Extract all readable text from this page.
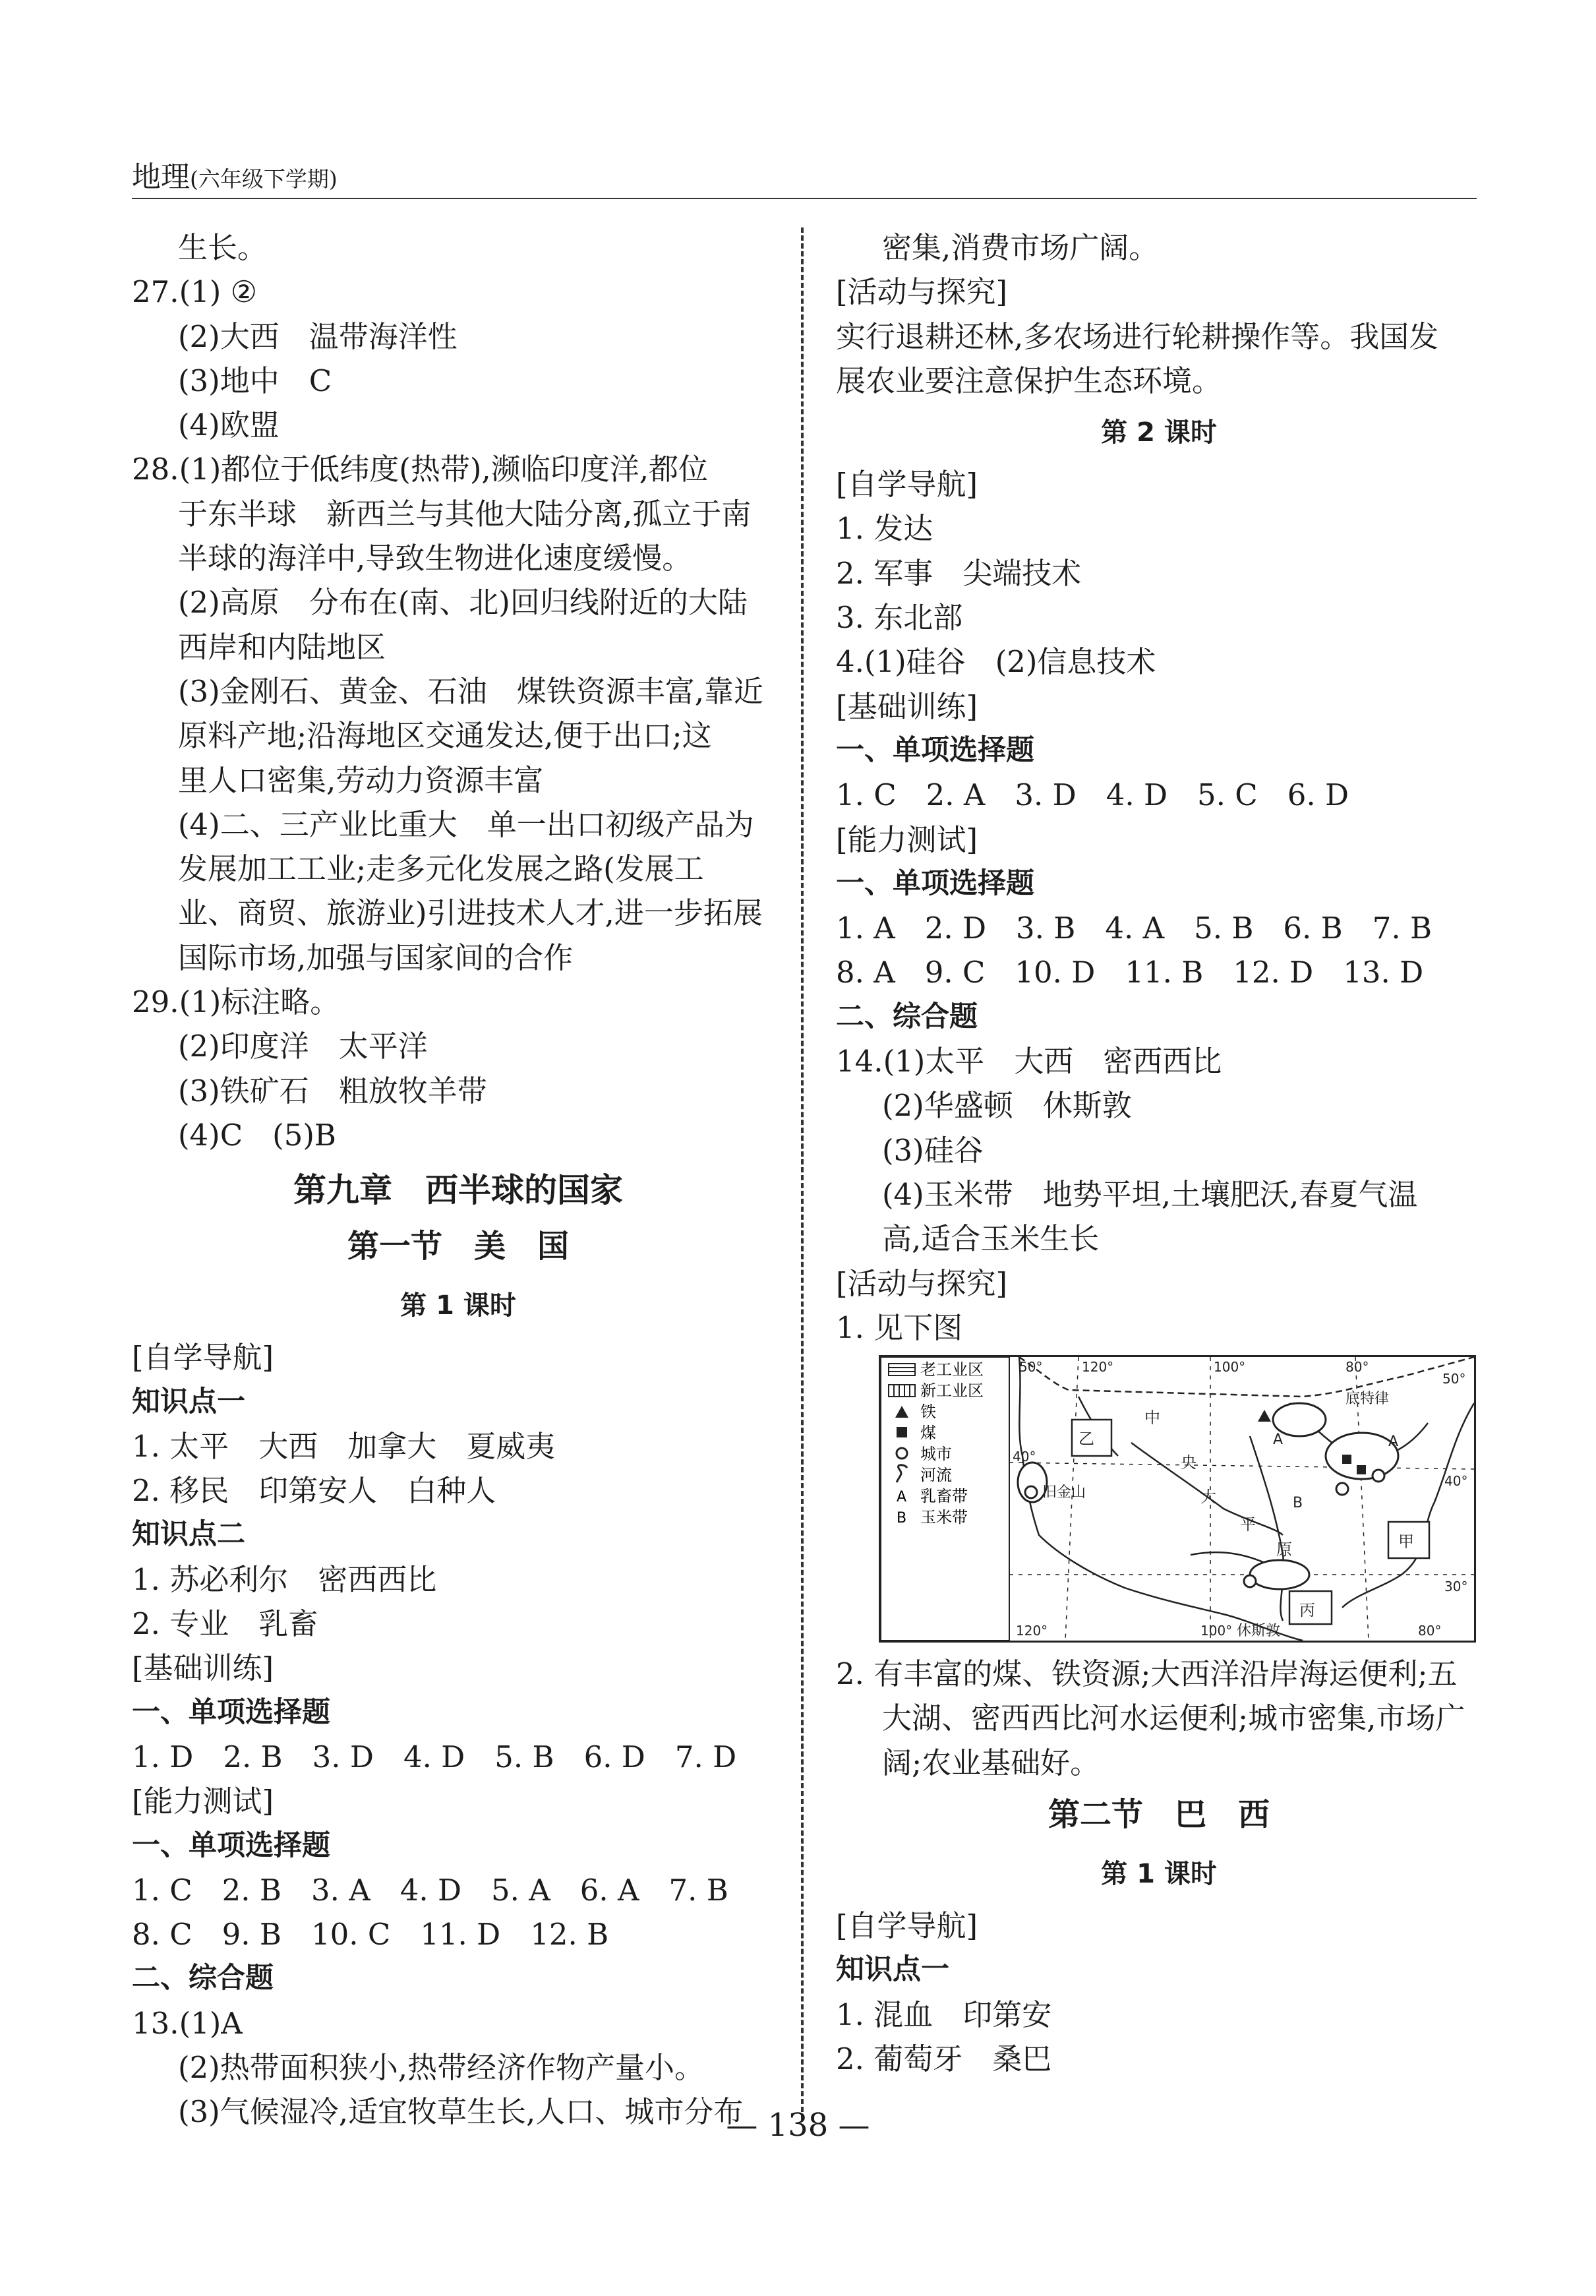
地理(六年级下学期)
生长。
27.(1) ②
(2)大西　温带海洋性
(3)地中　C
(4)欧盟
28.(1)都位于低纬度(热带),濒临印度洋,都位
于东半球　新西兰与其他大陆分离,孤立于南
半球的海洋中,导致生物进化速度缓慢。
(2)高原　分布在(南、北)回归线附近的大陆
西岸和内陆地区
(3)金刚石、黄金、石油　煤铁资源丰富,靠近
原料产地;沿海地区交通发达,便于出口;这
里人口密集,劳动力资源丰富
(4)二、三产业比重大　单一出口初级产品为
发展加工工业;走多元化发展之路(发展工
业、商贸、旅游业)引进技术人才,进一步拓展
国际市场,加强与国家间的合作
29.(1)标注略。
(2)印度洋　太平洋
(3)铁矿石　粗放牧羊带
(4)C　(5)B
第九章　西半球的国家
第一节　美　国
第 1 课时
[自学导航]
知识点一
1. 太平　大西　加拿大　夏威夷
2. 移民　印第安人　白种人
知识点二
1. 苏必利尔　密西西比
2. 专业　乳畜
[基础训练]
一、单项选择题
1. D　2. B　3. D　4. D　5. B　6. D　7. D
[能力测试]
一、单项选择题
1. C　2. B　3. A　4. D　5. A　6. A　7. B
8. C　9. B　10. C　11. D　12. B
二、综合题
13.(1)A
(2)热带面积狭小,热带经济作物产量小。
(3)气候湿冷,适宜牧草生长,人口、城市分布
密集,消费市场广阔。
[活动与探究]
实行退耕还林,多农场进行轮耕操作等。我国发
展农业要注意保护生态环境。
第 2 课时
[自学导航]
1. 发达
2. 军事　尖端技术
3. 东北部
4.(1)硅谷　(2)信息技术
[基础训练]
一、单项选择题
1. C　2. A　3. D　4. D　5. C　6. D
[能力测试]
一、单项选择题
1. A　2. D　3. B　4. A　5. B　6. B　7. B
8. A　9. C　10. D　11. B　12. D　13. D
二、综合题
14.(1)太平　大西　密西西比
(2)华盛顿　休斯敦
(3)硅谷
(4)玉米带　地势平坦,土壤肥沃,春夏气温
高,适合玉米生长
[活动与探究]
1. 见下图
老工业区
新工业区
铁
煤
城市
河流
A 乳畜带
B 玉米带
乙
中
央
大
平
原	甲
丙
底特律
旧金山
休斯敦
A	A
B
50°	120°	100°	80°
120°	100°	80°
50°
40°
40°
30°
2. 有丰富的煤、铁资源;大西洋沿岸海运便利;五
大湖、密西西比河水运便利;城市密集,市场广
阔;农业基础好。
第二节　巴　西
第 1 课时
[自学导航]
知识点一
1. 混血　印第安
2. 葡萄牙　桑巴
— 138 —
